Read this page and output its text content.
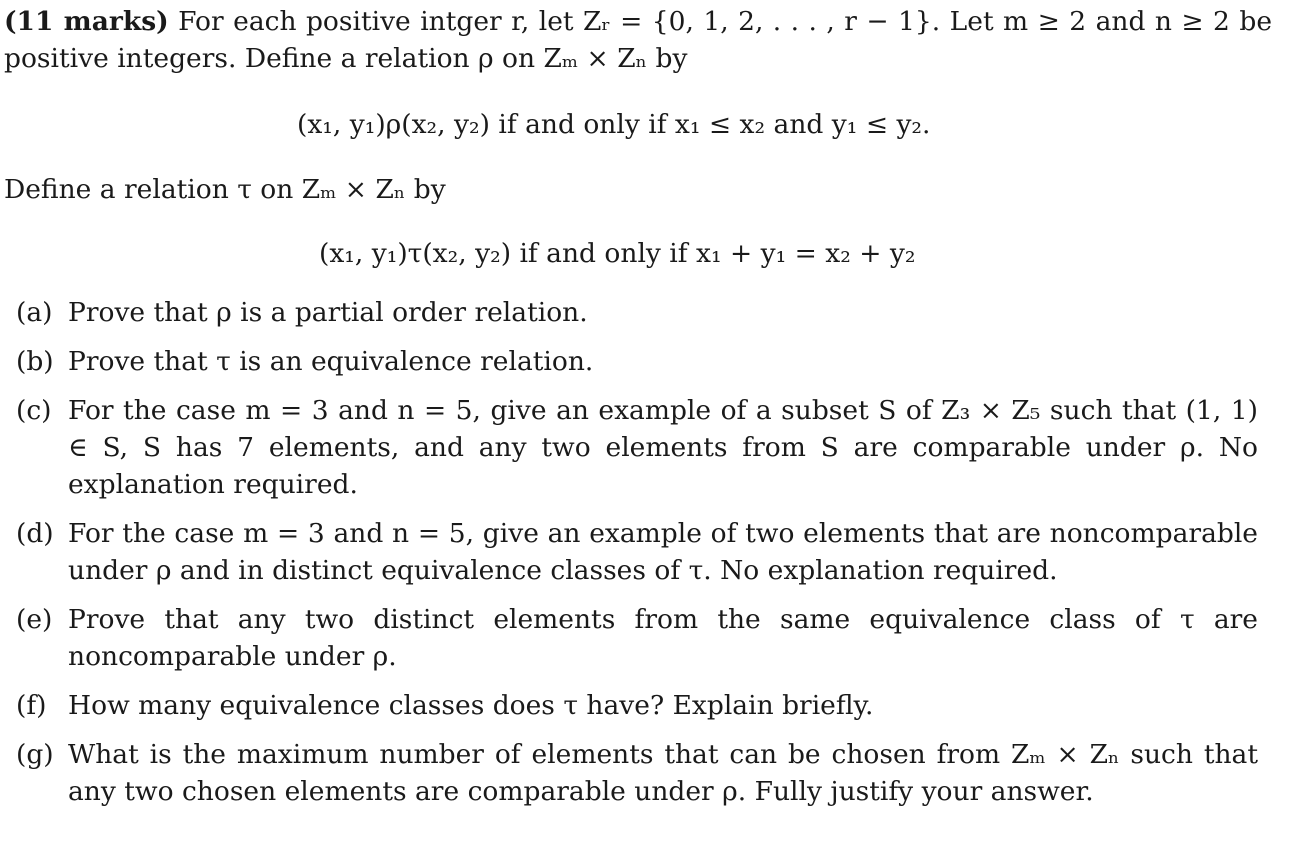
(11 marks) For each positive intger r, let Zᵣ = {0, 1, 2, . . . , r − 1}. Let m ≥ 2 and n ≥ 2 be positive integers. Define a relation ρ on Zₘ × Zₙ by
(x₁, y₁)ρ(x₂, y₂) if and only if x₁ ≤ x₂ and y₁ ≤ y₂.
Define a relation τ on Zₘ × Zₙ by
(x₁, y₁)τ(x₂, y₂) if and only if x₁ + y₁ = x₂ + y₂
(a) Prove that ρ is a partial order relation.
(b) Prove that τ is an equivalence relation.
(c) For the case m = 3 and n = 5, give an example of a subset S of Z₃ × Z₅ such that (1, 1) ∈ S, S has 7 elements, and any two elements from S are comparable under ρ. No explanation required.
(d) For the case m = 3 and n = 5, give an example of two elements that are noncomparable under ρ and in distinct equivalence classes of τ. No explanation required.
(e) Prove that any two distinct elements from the same equivalence class of τ are noncomparable under ρ.
(f) How many equivalence classes does τ have? Explain briefly.
(g) What is the maximum number of elements that can be chosen from Zₘ × Zₙ such that any two chosen elements are comparable under ρ. Fully justify your answer.
